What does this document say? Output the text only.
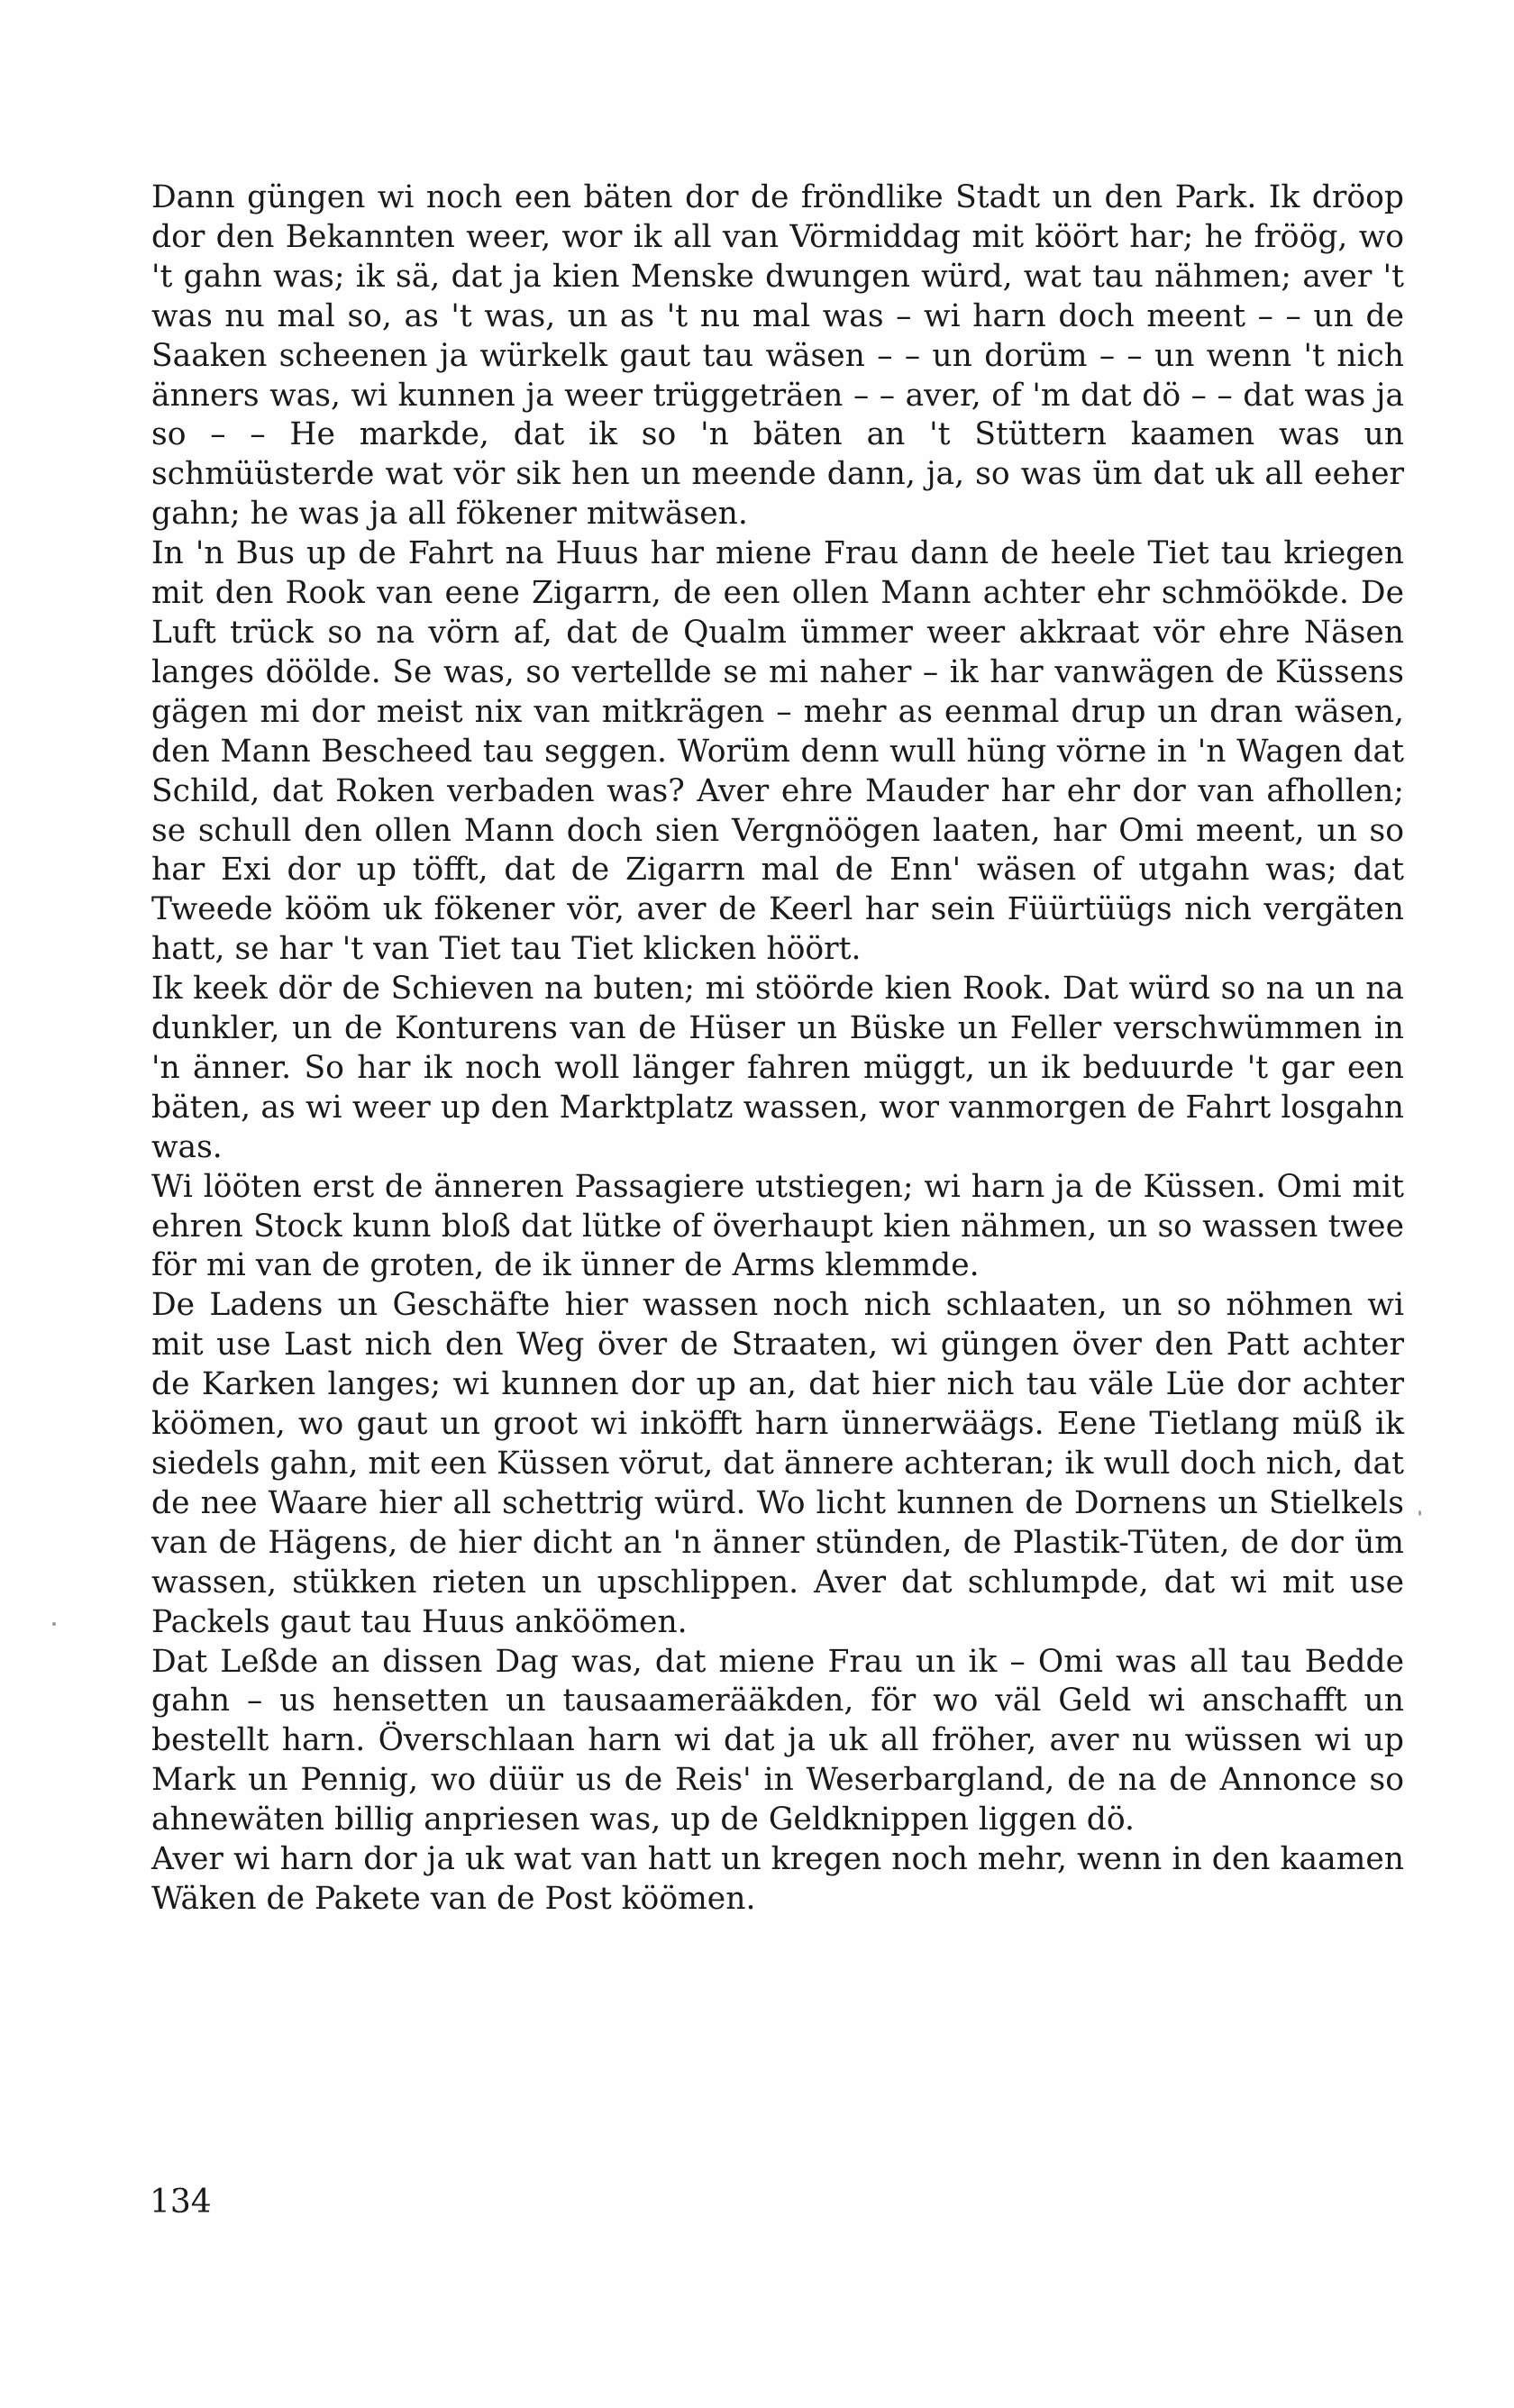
Dann güngen wi noch een bäten dor de fröndlike Stadt un den Park. Ik dröop dor den Bekannten weer, wor ik all van Vörmiddag mit köört har; he fröög, wo 't gahn was; ik sä, dat ja kien Menske dwungen würd, wat tau nähmen; aver 't was nu mal so, as 't was, un as 't nu mal was – wi harn doch meent – – un de Saaken scheenen ja würkelk gaut tau wäsen – – un dorüm – – un wenn 't nich änners was, wi kunnen ja weer trüggeträen – – aver, of 'm dat dö – – dat was ja so – – He markde, dat ik so 'n bäten an 't Stüttern kaamen was un schmüüsterde wat vör sik hen un meende dann, ja, so was üm dat uk all eeher gahn; he was ja all fökener mitwäsen.

In 'n Bus up de Fahrt na Huus har miene Frau dann de heele Tiet tau kriegen mit den Rook van eene Zigarrn, de een ollen Mann achter ehr schmöökde. De Luft trück so na vörn af, dat de Qualm ümmer weer akkraat vör ehre Näsen langes döölde. Se was, so vertellde se mi naher – ik har vanwägen de Küssens gägen mi dor meist nix van mitkrägen – mehr as eenmal drup un dran wäsen, den Mann Bescheed tau seggen. Worüm denn wull hüng vörne in 'n Wagen dat Schild, dat Roken verbaden was? Aver ehre Mauder har ehr dor van afhollen; se schull den ollen Mann doch sien Vergnöögen laaten, har Omi meent, un so har Exi dor up töfft, dat de Zigarrn mal de Enn' wäsen of utgahn was; dat Tweede kööm uk fökener vör, aver de Keerl har sein Füürtüügs nich vergäten hatt, se har 't van Tiet tau Tiet klicken höört.

Ik keek dör de Schieven na buten; mi stöörde kien Rook. Dat würd so na un na dunkler, un de Konturens van de Hüser un Büske un Feller verschwümmen in 'n änner. So har ik noch woll länger fahren müggt, un ik beduurde 't gar een bäten, as wi weer up den Marktplatz wassen, wor vanmorgen de Fahrt losgahn was.

Wi lööten erst de änneren Passagiere utstiegen; wi harn ja de Küssen. Omi mit ehren Stock kunn bloß dat lütke of överhaupt kien nähmen, un so wassen twee för mi van de groten, de ik ünner de Arms klemmde.

De Ladens un Geschäfte hier wassen noch nich schlaaten, un so nöhmen wi mit use Last nich den Weg över de Straaten, wi güngen över den Patt achter de Karken langes; wi kunnen dor up an, dat hier nich tau väle Lüe dor achter köömen, wo gaut un groot wi inköfft harn ünnerwäägs. Eene Tietlang müß ik siedels gahn, mit een Küssen vörut, dat ännere achteran; ik wull doch nich, dat de nee Waare hier all schettrig würd. Wo licht kunnen de Dornens un Stielkels van de Hägens, de hier dicht an 'n änner stünden, de Plastik-Tüten, de dor üm wassen, stükken rieten un upschlippen. Aver dat schlumpde, dat wi mit use Packels gaut tau Huus anköömen.

Dat Leßde an dissen Dag was, dat miene Frau un ik – Omi was all tau Bedde gahn – us hensetten un tausaamerääkden, för wo väl Geld wi anschafft un bestellt harn. Överschlaan harn wi dat ja uk all fröher, aver nu wüssen wi up Mark un Pennig, wo düür us de Reis' in Weserbargland, de na de Annonce so ahnewäten billig anpriesen was, up de Geldknippen liggen dö.

Aver wi harn dor ja uk wat van hatt un kregen noch mehr, wenn in den kaamen Wäken de Pakete van de Post köömen.

134
